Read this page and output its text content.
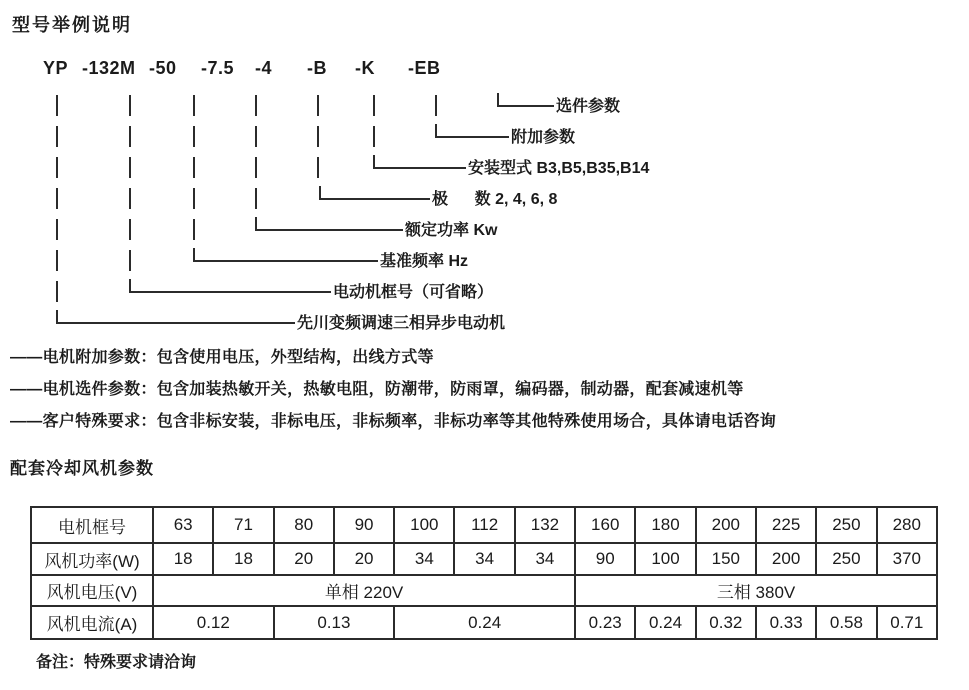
型号举例说明
YP -132M -50 -7.5 -4 -B -K -EB
选件参数
附加参数
安装型式 B3,B5,B35,B14
极      数 2, 4, 6, 8
额定功率 Kw
基准频率 Hz
电动机框号（可省略）
先川变频调速三相异步电动机
——电机附加参数：包含使用电压，外型结构，出线方式等
——电机选件参数：包含加装热敏开关，热敏电阻，防潮带，防雨罩，编码器，制动器，配套减速机等
——客户特殊要求：包含非标安装，非标电压，非标频率，非标功率等其他特殊使用场合，具体请电话咨询
配套冷却风机参数
电机框号	63	71	80	90	100	112	132	160	180	200	225	250	280
风机功率(W)	18	18	20	20	34	34	34	90	100	150	200	250	370
风机电压(V)	单相 220V							三相 380V					
风机电流(A)	0.12		0.13		0.24			0.23	0.24	0.32	0.33	0.58	0.71
备注：特殊要求请洽询
